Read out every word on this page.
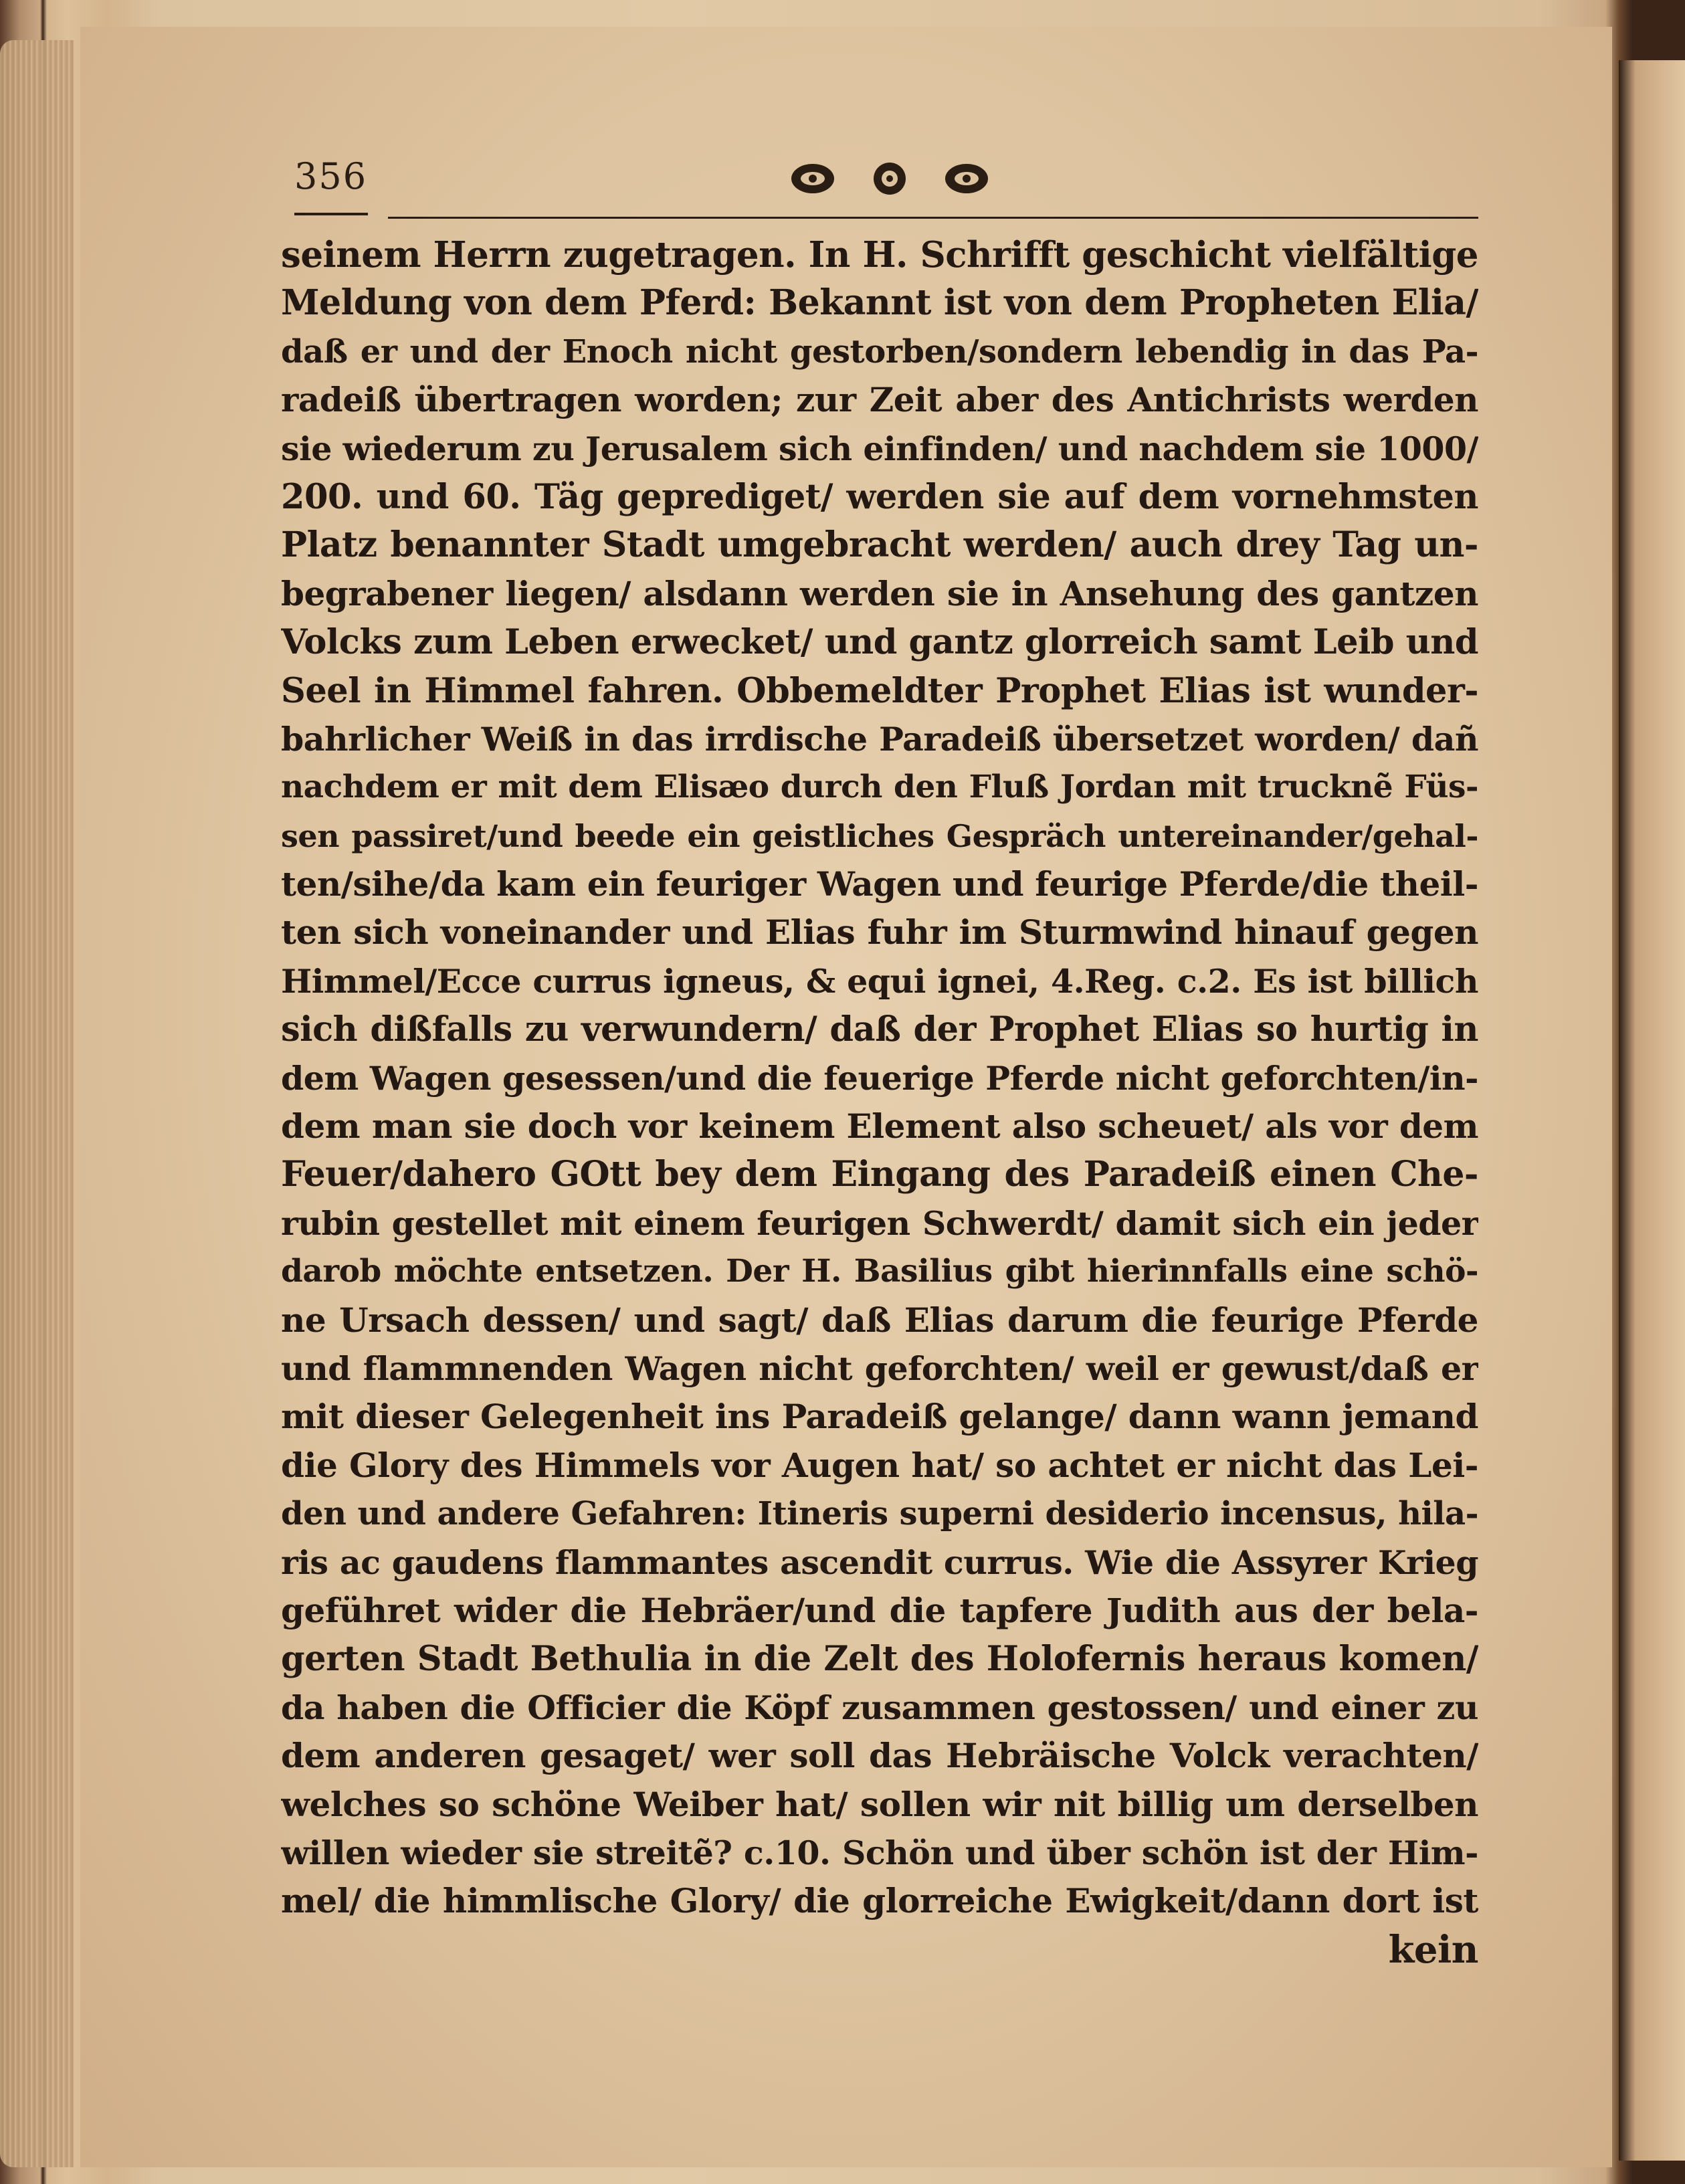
356
seinem Herrn zugetragen. In H. Schrifft geschicht vielfältige
Meldung von dem Pferd: Bekannt ist von dem Propheten Elia/
daß er und der Enoch nicht gestorben/sondern lebendig in das Pa-
radeiß übertragen worden; zur Zeit aber des Antichrists werden
sie wiederum zu Jerusalem sich einfinden/ und nachdem sie 1000/
200. und 60. Täg geprediget/ werden sie auf dem vornehmsten
Platz benannter Stadt umgebracht werden/ auch drey Tag un-
begrabener liegen/ alsdann werden sie in Ansehung des gantzen
Volcks zum Leben erwecket/ und gantz glorreich samt Leib und
Seel in Himmel fahren. Obbemeldter Prophet Elias ist wunder-
bahrlicher Weiß in das irrdische Paradeiß übersetzet worden/ dañ
nachdem er mit dem Elisæo durch den Fluß Jordan mit trucknẽ Füs-
sen passiret/und beede ein geistliches Gespräch untereinander/gehal-
ten/sihe/da kam ein feuriger Wagen und feurige Pferde/die theil-
ten sich voneinander und Elias fuhr im Sturmwind hinauf gegen
Himmel/Ecce currus igneus, & equi ignei, 4.Reg. c.2. Es ist billich
sich dißfalls zu verwundern/ daß der Prophet Elias so hurtig in
dem Wagen gesessen/und die feuerige Pferde nicht geforchten/in-
dem man sie doch vor keinem Element also scheuet/ als vor dem
Feuer/dahero GOtt bey dem Eingang des Paradeiß einen Che-
rubin gestellet mit einem feurigen Schwerdt/ damit sich ein jeder
darob möchte entsetzen. Der H. Basilius gibt hierinnfalls eine schö-
ne Ursach dessen/ und sagt/ daß Elias darum die feurige Pferde
und flammnenden Wagen nicht geforchten/ weil er gewust/daß er
mit dieser Gelegenheit ins Paradeiß gelange/ dann wann jemand
die Glory des Himmels vor Augen hat/ so achtet er nicht das Lei-
den und andere Gefahren: Itineris superni desiderio incensus, hila-
ris ac gaudens flammantes ascendit currus. Wie die Assyrer Krieg
geführet wider die Hebräer/und die tapfere Judith aus der bela-
gerten Stadt Bethulia in die Zelt des Holofernis heraus komen/
da haben die Officier die Köpf zusammen gestossen/ und einer zu
dem anderen gesaget/ wer soll das Hebräische Volck verachten/
welches so schöne Weiber hat/ sollen wir nit billig um derselben
willen wieder sie streitẽ? c.10. Schön und über schön ist der Him-
mel/ die himmlische Glory/ die glorreiche Ewigkeit/dann dort ist
kein
